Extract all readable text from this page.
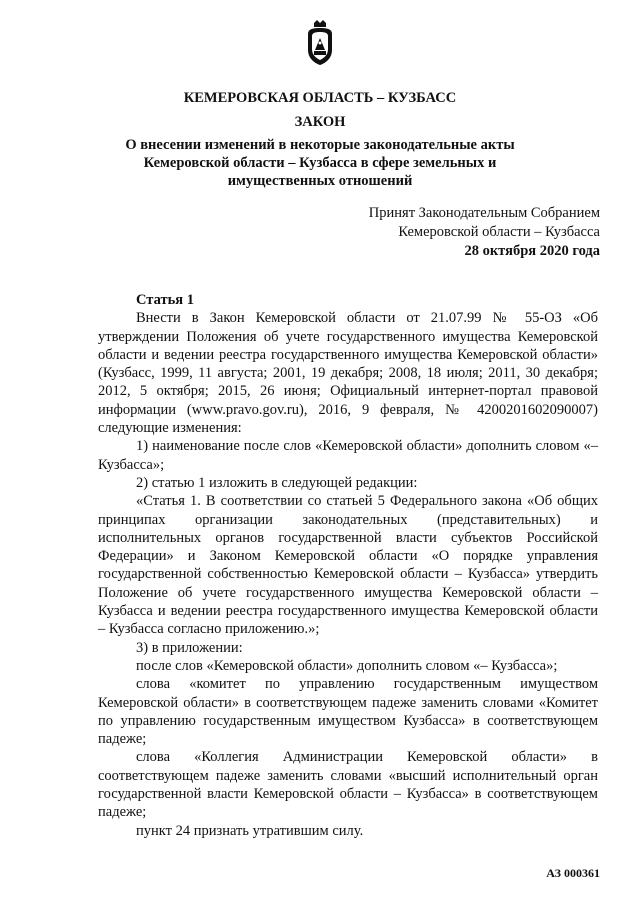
КЕМЕРОВСКАЯ ОБЛАСТЬ – КУЗБАСС
ЗАКОН
О внесении изменений в некоторые законодательные акты
Кемеровской области – Кузбасса в сфере земельных и
имущественных отношений
Принят Законодательным Собранием
Кемеровской области – Кузбасса
28 октября 2020 года

Статья 1

Внести в Закон Кемеровской области от 21.07.99 № 55-ОЗ «Об утверждении Положения об учете государственного имущества Кемеровской области и ведении реестра государственного имущества Кемеровской области» (Кузбасс, 1999, 11 августа; 2001, 19 декабря; 2008, 18 июля; 2011, 30 декабря; 2012, 5 октября; 2015, 26 июня; Официальный интернет-портал правовой информации (www.pravo.gov.ru), 2016, 9 февраля, № 4200201602090007) следующие изменения:

1) наименование после слов «Кемеровской области» дополнить словом «– Кузбасса»;

2) статью 1 изложить в следующей редакции:

«Статья 1. В соответствии со статьей 5 Федерального закона «Об общих принципах организации законодательных (представительных) и исполнительных органов государственной власти субъектов Российской Федерации» и Законом Кемеровской области «О порядке управления государственной собственностью Кемеровской области – Кузбасса» утвердить Положение об учете государственного имущества Кемеровской области – Кузбасса и ведении реестра государственного имущества Кемеровской области – Кузбасса согласно приложению.»;

3) в приложении:

после слов «Кемеровской области» дополнить словом «– Кузбасса»;

слова «комитет по управлению государственным имуществом Кемеровской области» в соответствующем падеже заменить словами «Комитет по управлению государственным имуществом Кузбасса» в соответствующем падеже;

слова «Коллегия Администрации Кемеровской области» в соответствующем падеже заменить словами «высший исполнительный орган государственной власти Кемеровской области – Кузбасса» в соответствующем падеже;

пункт 24 признать утратившим силу.

АЗ 000361
